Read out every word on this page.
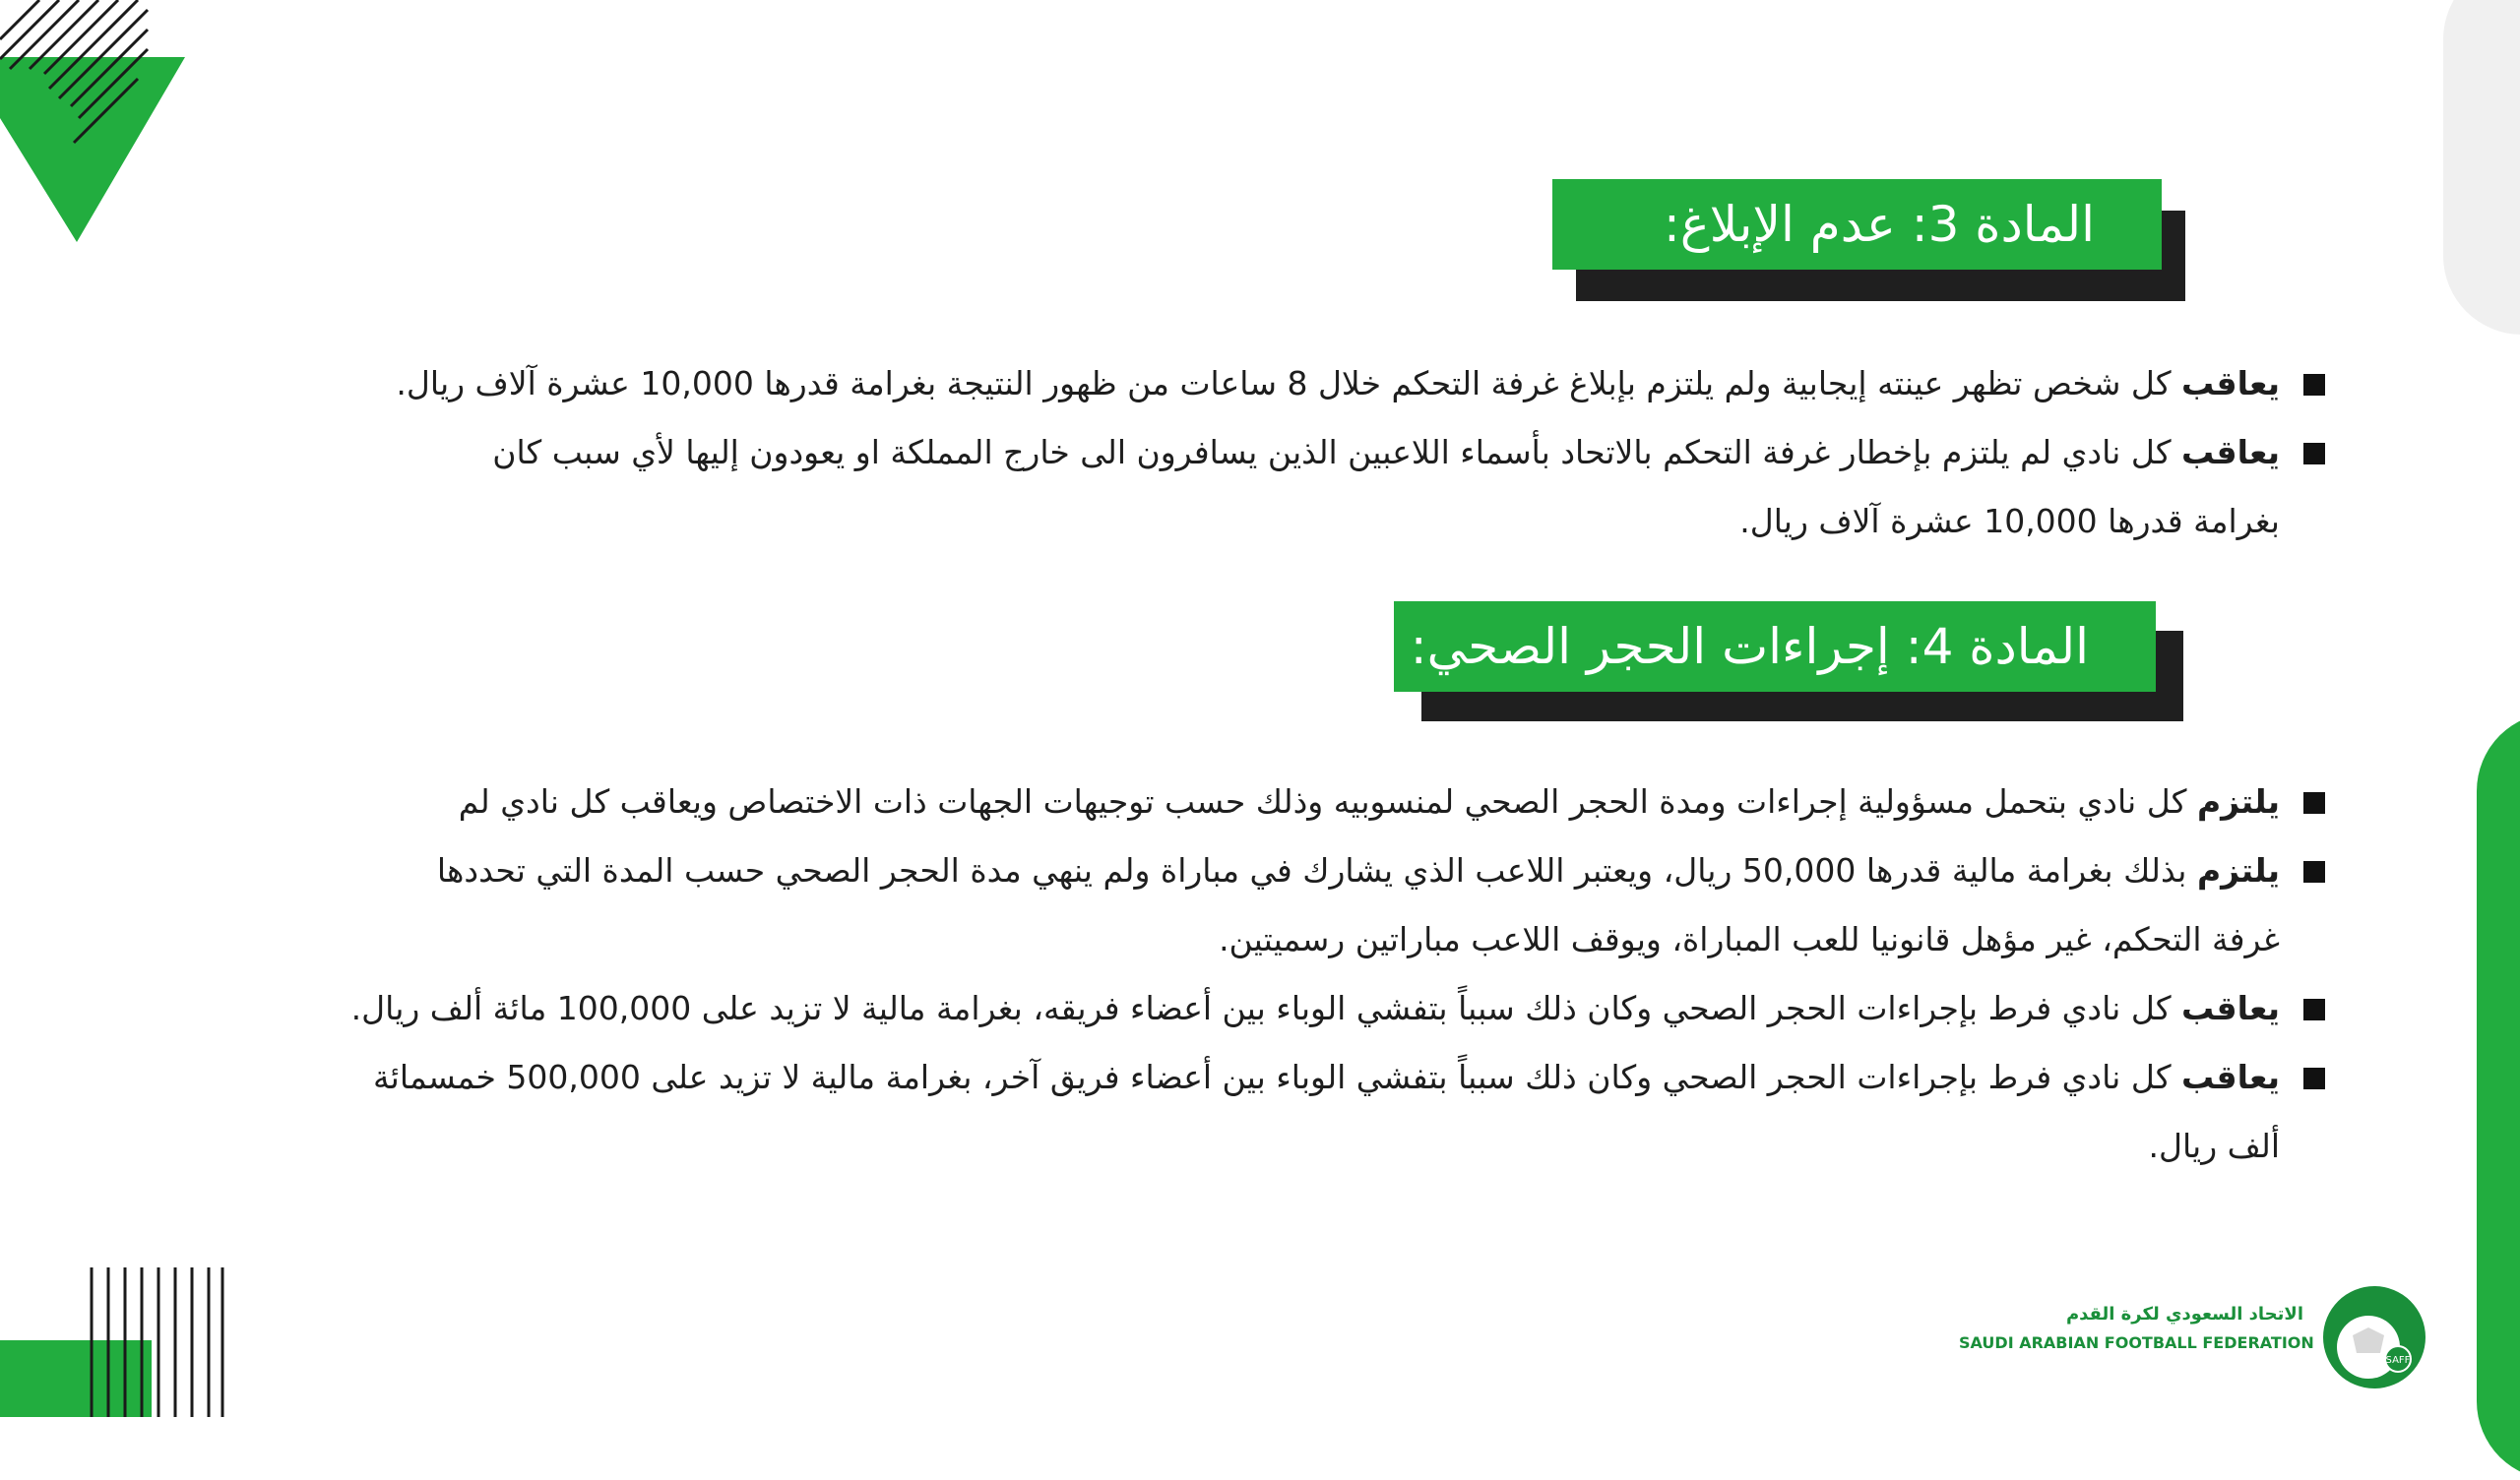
المادة 3: عدم الإبلاغ:
يعاقب كل شخص تظهر عينته إيجابية ولم يلتزم بإبلاغ غرفة التحكم خلال 8 ساعات من ظهور النتيجة بغرامة قدرها 10,000 عشرة آلاف ريال.
يعاقب كل نادي لم يلتزم بإخطار غرفة التحكم بالاتحاد بأسماء اللاعبين الذين يسافرون الى خارج المملكة او يعودون إليها لأي سبب كان
بغرامة قدرها 10,000 عشرة آلاف ريال.
المادة 4: إجراءات الحجر الصحي:
يلتزم كل نادي بتحمل مسؤولية إجراءات ومدة الحجر الصحي لمنسوبيه وذلك حسب توجيهات الجهات ذات الاختصاص ويعاقب كل نادي لم
يلتزم بذلك بغرامة مالية قدرها 50,000 ريال، ويعتبر اللاعب الذي يشارك في مباراة ولم ينهي مدة الحجر الصحي حسب المدة التي تحددها
غرفة التحكم، غير مؤهل قانونيا للعب المباراة، ويوقف اللاعب مباراتين رسميتين.
يعاقب كل نادي فرط بإجراءات الحجر الصحي وكان ذلك سبباً بتفشي الوباء بين أعضاء فريقه، بغرامة مالية لا تزيد على 100,000 مائة ألف ريال.
يعاقب كل نادي فرط بإجراءات الحجر الصحي وكان ذلك سبباً بتفشي الوباء بين أعضاء فريق آخر، بغرامة مالية لا تزيد على 500,000 خمسمائة
ألف ريال.
الاتحاد السعودي لكرة القدم
SAUDI ARABIAN FOOTBALL FEDERATION
SAFF
